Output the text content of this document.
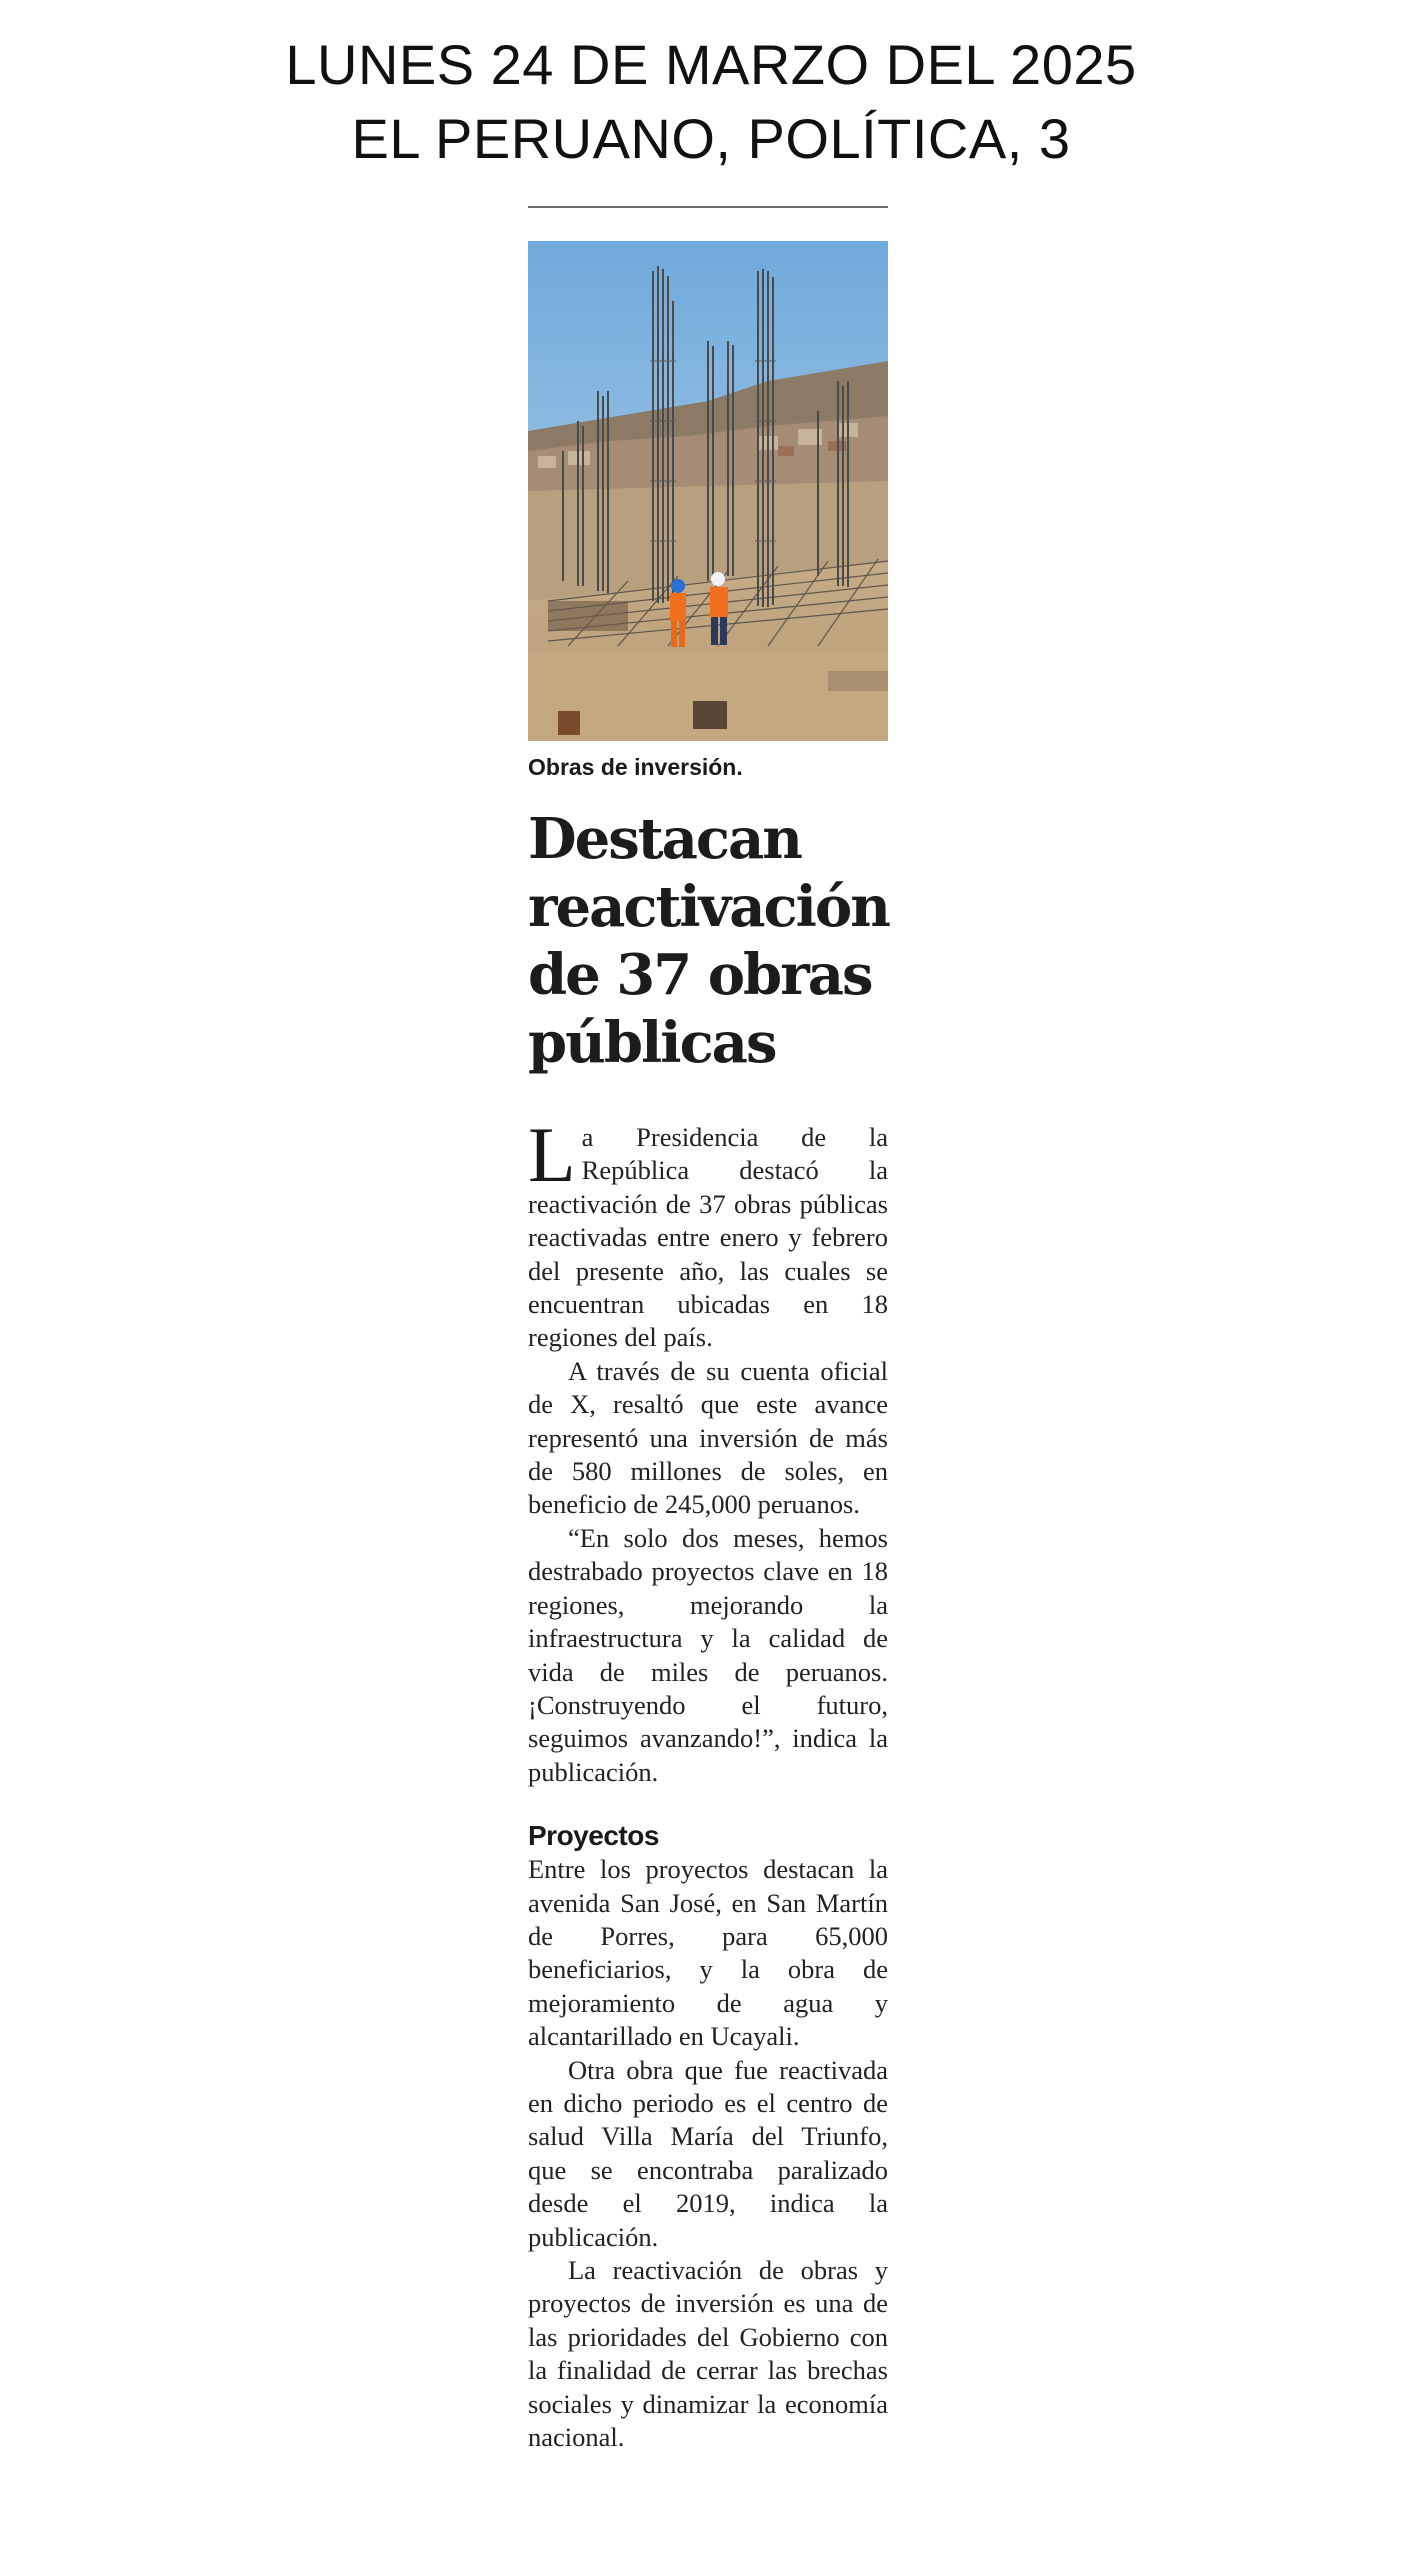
LUNES 24 DE MARZO DEL 2025
EL PERUANO, POLÍTICA, 3
Obras de inversión.
Destacan reactivación de 37 obras públicas

La Presidencia de la República destacó la reactivación de 37 obras públicas reactivadas entre enero y febrero del presente año, las cuales se encuentran ubicadas en 18 regiones del país.

A través de su cuenta oficial de X, resaltó que este avance representó una inversión de más de 580 millones de soles, en beneficio de 245,000 peruanos.

“En solo dos meses, hemos destrabado proyectos clave en 18 regiones, mejorando la infraestructura y la calidad de vida de miles de peruanos. ¡Construyendo el futuro, seguimos avanzando!”, indica la publicación.

Proyectos

Entre los proyectos destacan la avenida San José, en San Martín de Porres, para 65,000 beneficiarios, y la obra de mejoramiento de agua y alcantarillado en Ucayali.

Otra obra que fue reactivada en dicho periodo es el centro de salud Villa María del Triunfo, que se encontraba paralizado desde el 2019, indica la publicación.

La reactivación de obras y proyectos de inversión es una de las prioridades del Gobierno con la finalidad de cerrar las brechas sociales y dinamizar la economía nacional.
